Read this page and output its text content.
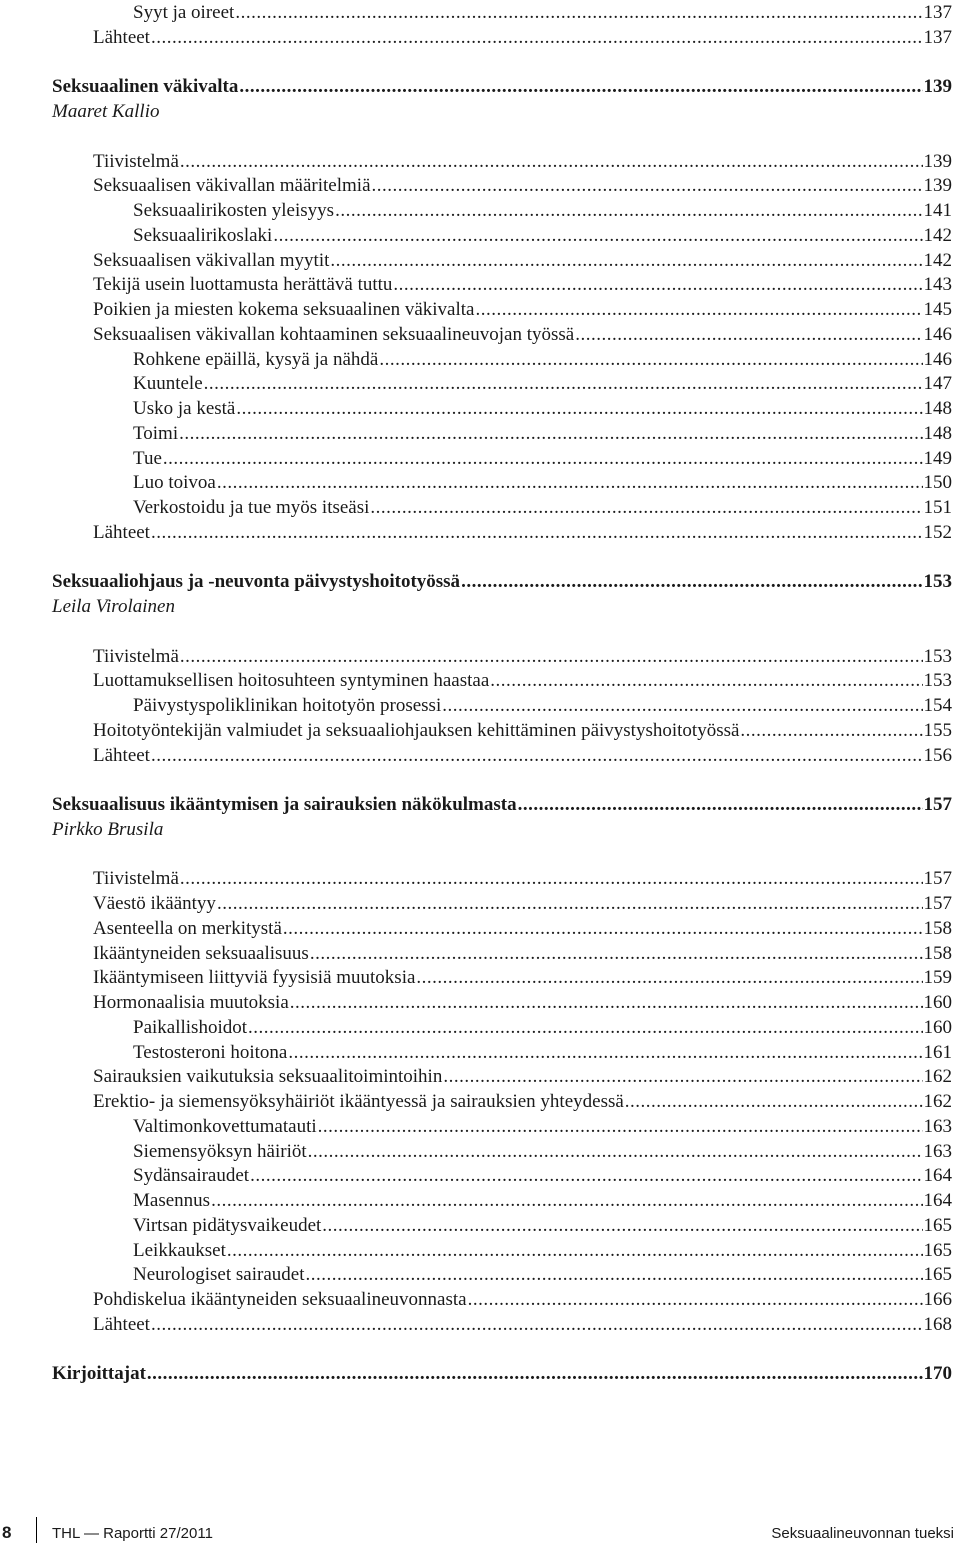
Syyt ja oireet .....	137
Lähteet .....	137
Seksuaalinen väkivalta .....	139
Maaret Kallio
Tiivistelmä .....	139
Seksuaalisen väkivallan määritelmiä .....	139
Seksuaalirikosten yleisyys .....	141
Seksuaalirikoslaki .....	142
Seksuaalisen väkivallan myytit .....	142
Tekijä usein luottamusta herättävä tuttu .....	143
Poikien ja miesten kokema seksuaalinen väkivalta .....	145
Seksuaalisen väkivallan kohtaaminen seksuaalineuvojan työssä .....	146
Rohkene epäillä, kysyä ja nähdä .....	146
Kuuntele .....	147
Usko ja kestä .....	148
Toimi .....	148
Tue .....	149
Luo toivoa .....	150
Verkostoidu ja tue myös itseäsi .....	151
Lähteet .....	152
Seksuaaliohjaus ja -neuvonta päivystyshoitotyössä .....	153
Leila Virolainen
Tiivistelmä .....	153
Luottamuksellisen hoitosuhteen syntyminen haastaa .....	153
Päivystyspoliklinikan hoitotyön prosessi .....	154
Hoitotyöntekijän valmiudet ja seksuaaliohjauksen kehittäminen päivystyshoitotyössä .....	155
Lähteet .....	156
Seksuaalisuus ikääntymisen ja sairauksien näkökulmasta .....	157
Pirkko Brusila
Tiivistelmä .....	157
Väestö ikääntyy .....	157
Asenteella on merkitystä .....	158
Ikääntyneiden seksuaalisuus .....	158
Ikääntymiseen liittyviä fyysisiä muutoksia .....	159
Hormonaalisia muutoksia .....	160
Paikallishoidot .....	160
Testosteroni hoitona .....	161
Sairauksien vaikutuksia seksuaalitoimintoihin .....	162
Erektio- ja siemensyöksyhäiriöt ikääntyessä ja sairauksien yhteydessä .....	162
Valtimonkovettumatauti .....	163
Siemensyöksyn häiriöt .....	163
Sydänsairaudet .....	164
Masennus .....	164
Virtsan pidätysvaikeudet .....	165
Leikkaukset .....	165
Neurologiset sairaudet .....	165
Pohdiskelua ikääntyneiden seksuaalineuvonnasta .....	166
Lähteet .....	168
Kirjoittajat .....	170
8	THL — Raportti 27/2011	Seksuaalineuvonnan tueksi
